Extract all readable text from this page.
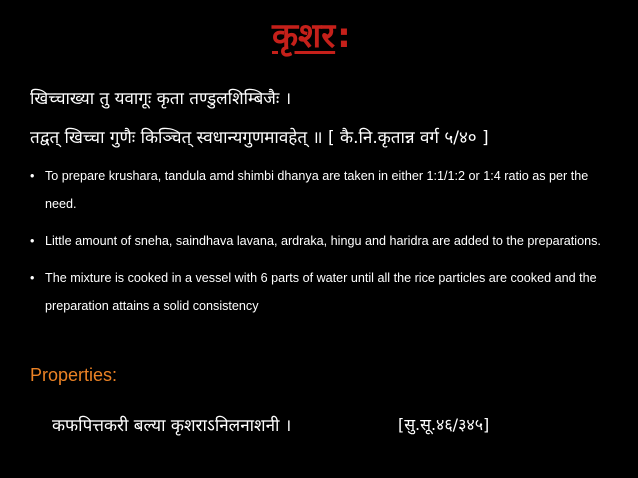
कृशर:
खिच्चाख्या तु यवागूः कृता तण्डुलशिम्बिजैः ।
तद्वत् खिच्चा गुणैः किञ्चित् स्वधान्यगुणमावहेत् ॥ [ कै.नि.कृतान्न वर्ग ५/४० ]
• To prepare krushara, tandula amd shimbi dhanya are taken in either 1:1/1:2 or 1:4 ratio as per the need.
• Little amount of sneha, saindhava lavana, ardraka, hingu and haridra are added to the preparations.
• The mixture is cooked in a vessel with 6 parts of water until all the rice particles are cooked and the preparation attains a solid consistency
Properties:
कफपित्तकरी बल्या कृशराऽनिलनाशनी ।	[सु.सू.४६/३४५]
